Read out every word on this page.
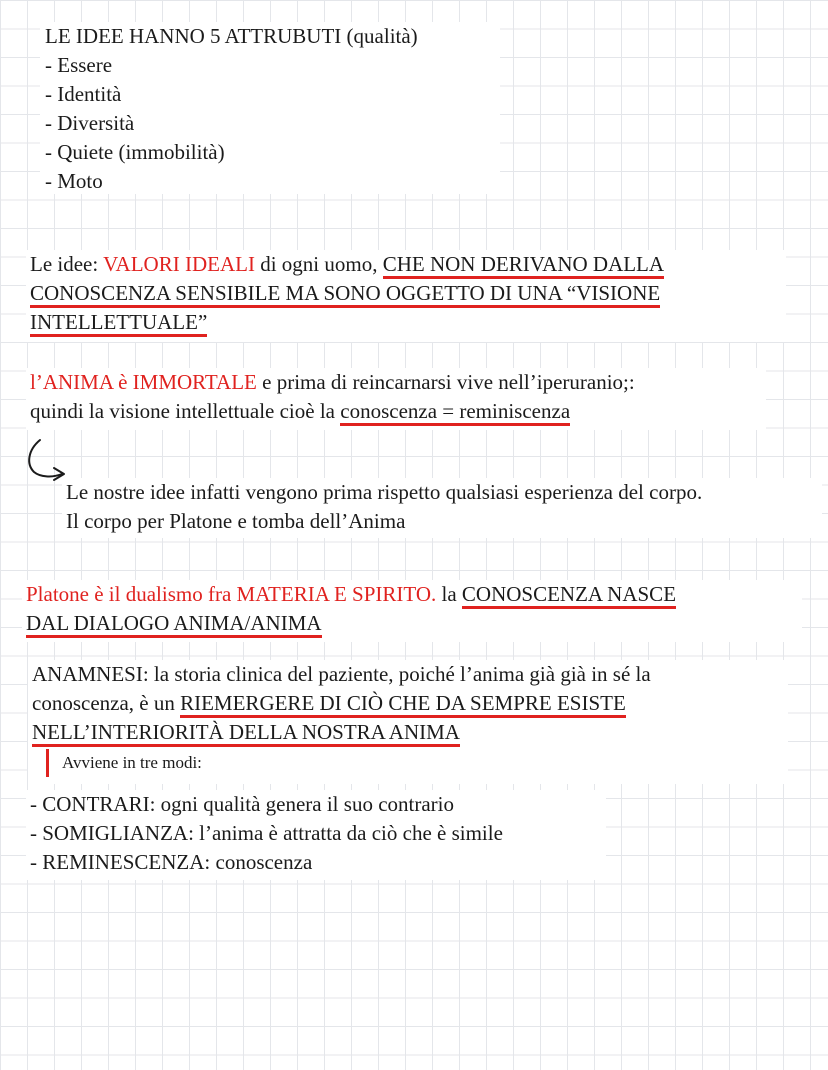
LE IDEE HANNO 5 ATTRUBUTI (qualità)
- Essere
- Identità
- Diversità
- Quiete (immobilità)
- Moto
Le idee: VALORI IDEALI di ogni uomo, CHE NON DERIVANO DALLA
CONOSCENZA SENSIBILE MA SONO OGGETTO DI UNA “VISIONE
INTELLETTUALE”
l’ANIMA è IMMORTALE e prima di reincarnarsi vive nell’iperuranio;:
quindi la visione intellettuale cioè la conoscenza = reminiscenza
Le nostre idee infatti vengono prima rispetto qualsiasi esperienza del corpo.
Il corpo per Platone e tomba dell’Anima
Platone è il dualismo fra MATERIA E SPIRITO. la CONOSCENZA NASCE
DAL DIALOGO ANIMA/ANIMA
ANAMNESI: la storia clinica del paziente, poiché l’anima già già in sé la
conoscenza, è un RIEMERGERE DI CIÒ CHE DA SEMPRE ESISTE
NELL’INTERIORITÀ DELLA NOSTRA ANIMA
Avviene in tre modi:
- CONTRARI: ogni qualità genera il suo contrario
- SOMIGLIANZA: l’anima è attratta da ciò che è simile
- REMINESCENZA: conoscenza
